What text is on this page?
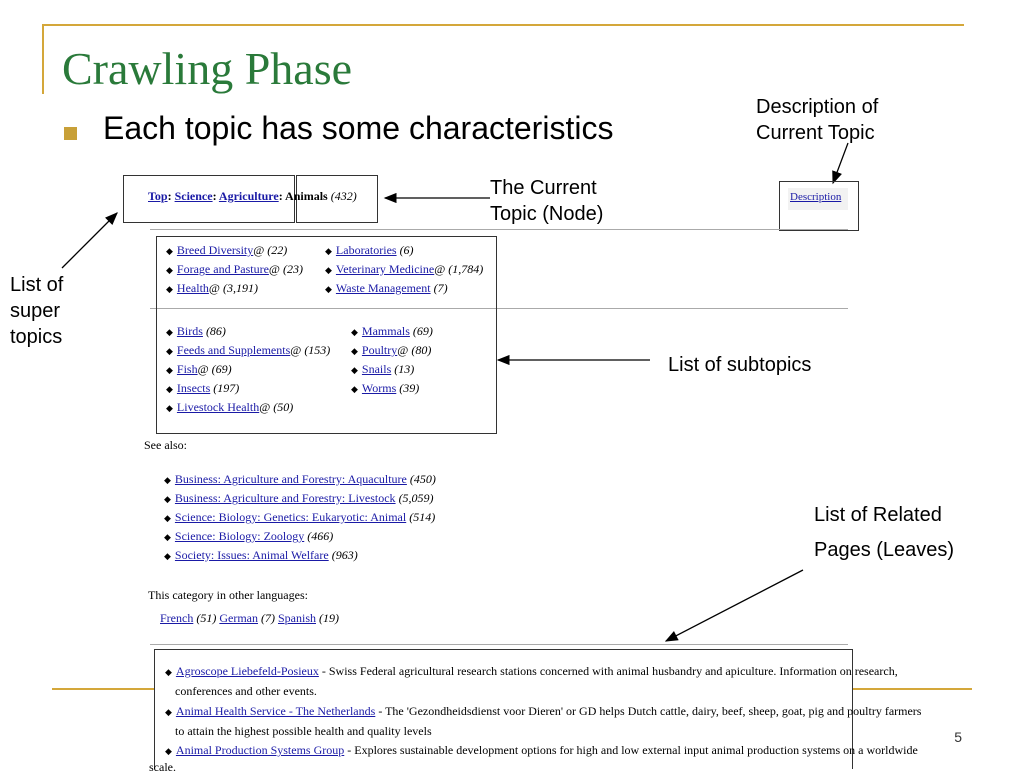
Crawling Phase
Each topic has some characteristics
Description of
Current Topic
The Current
Topic (Node)
List of
super
topics
List of subtopics
List of Related
Pages (Leaves)
Top: Science: Agriculture: Animals (432)	Description
◆ Breed Diversity@ (22)
◆ Forage and Pasture@ (23)
◆ Health@ (3,191)
◆ Laboratories (6)
◆ Veterinary Medicine@ (1,784)
◆ Waste Management (7)
◆ Birds (86)
◆ Feeds and Supplements@ (153)
◆ Fish@ (69)
◆ Insects (197)
◆ Livestock Health@ (50)
◆ Mammals (69)
◆ Poultry@ (80)
◆ Snails (13)
◆ Worms (39)
See also:
◆ Business: Agriculture and Forestry: Aquaculture (450)
◆ Business: Agriculture and Forestry: Livestock (5,059)
◆ Science: Biology: Genetics: Eukaryotic: Animal (514)
◆ Science: Biology: Zoology (466)
◆ Society: Issues: Animal Welfare (963)
This category in other languages:
French (51) German (7) Spanish (19)
◆ Agroscope Liebefeld-Posieux - Swiss Federal agricultural research stations concerned with animal husbandry and apiculture. Information on research,
conferences and other events.
◆ Animal Health Service - The Netherlands - The 'Gezondheidsdienst voor Dieren' or GD helps Dutch cattle, dairy, beef, sheep, goat, pig and poultry farmers
to attain the highest possible health and quality levels
◆ Animal Production Systems Group - Explores sustainable development options for high and low external input animal production systems on a worldwide
scale.
5
